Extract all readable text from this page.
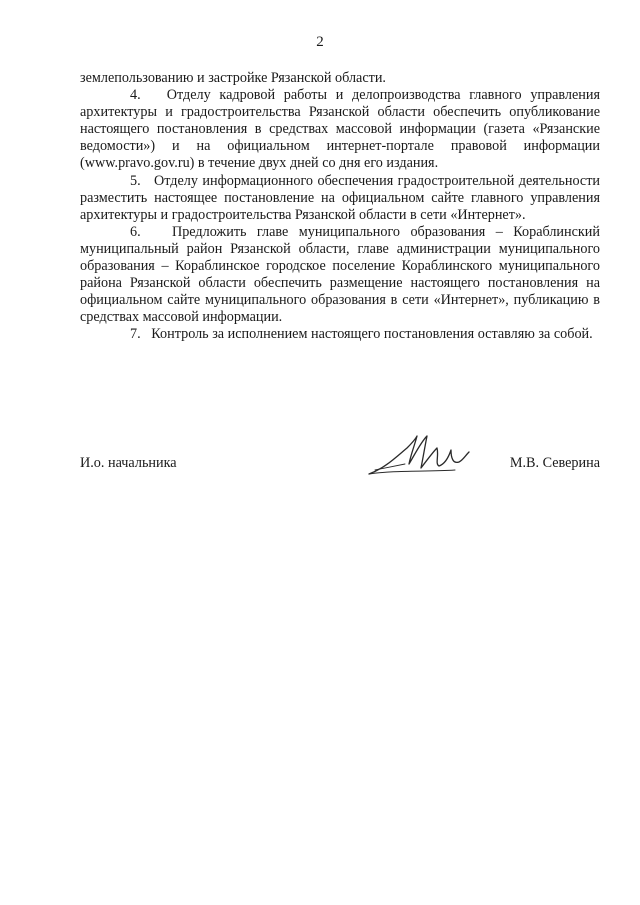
2

землепользованию и застройке Рязанской области.

4.   Отделу кадровой работы и делопроизводства главного управления архитектуры и градостроительства Рязанской области обеспечить опубликование настоящего постановления в средствах массовой информации (газета «Рязанские ведомости») и на официальном интернет-портале правовой информации (www.pravo.gov.ru) в течение двух дней со дня его издания.

5.   Отделу информационного обеспечения градостроительной деятельности разместить настоящее постановление на официальном сайте главного управления архитектуры и градостроительства Рязанской области в сети «Интернет».

6.   Предложить главе муниципального образования – Кораблинский муниципальный район Рязанской области, главе администрации муниципального образования – Кораблинское городское поселение Кораблинского муниципального района Рязанской области обеспечить размещение настоящего постановления на официальном сайте муниципального образования в сети «Интернет», публикацию в средствах массовой информации.

7.   Контроль за исполнением настоящего постановления оставляю за собой.

И.о. начальника	М.В. Северина
